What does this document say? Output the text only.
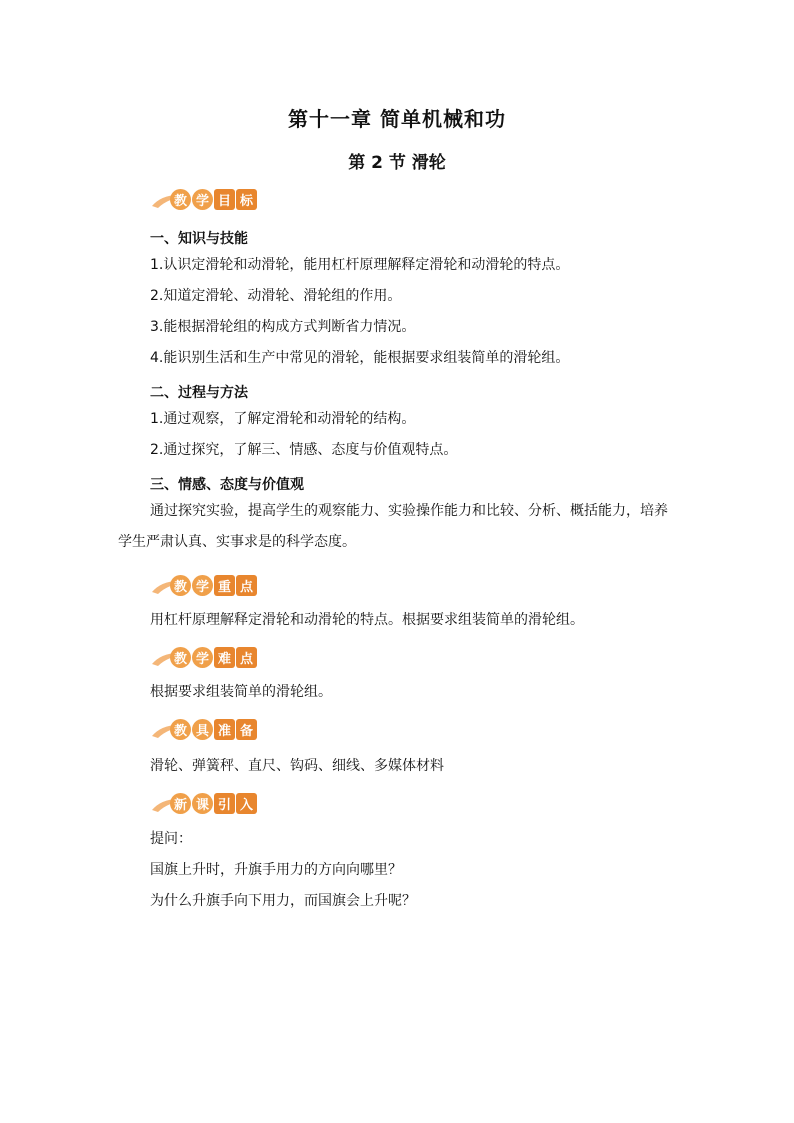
第十一章 简单机械和功
第 2 节 滑轮
教 学 目 标
一、知识与技能
1.认识定滑轮和动滑轮，能用杠杆原理解释定滑轮和动滑轮的特点。
2.知道定滑轮、动滑轮、滑轮组的作用。
3.能根据滑轮组的构成方式判断省力情况。
4.能识别生活和生产中常见的滑轮，能根据要求组装简单的滑轮组。
二、过程与方法
1.通过观察，了解定滑轮和动滑轮的结构。
2.通过探究，了解三、情感、态度与价值观特点。
三、情感、态度与价值观
通过探究实验，提高学生的观察能力、实验操作能力和比较、分析、概括能力，培养学生严肃认真、实事求是的科学态度。
教 学 重 点
用杠杆原理解释定滑轮和动滑轮的特点。根据要求组装简单的滑轮组。
教 学 难 点
根据要求组装简单的滑轮组。
教 具 准 备
滑轮、弹簧秤、直尺、钩码、细线、多媒体材料
新 课 引 入
提问：
国旗上升时，升旗手用力的方向向哪里？
为什么升旗手向下用力，而国旗会上升呢？
